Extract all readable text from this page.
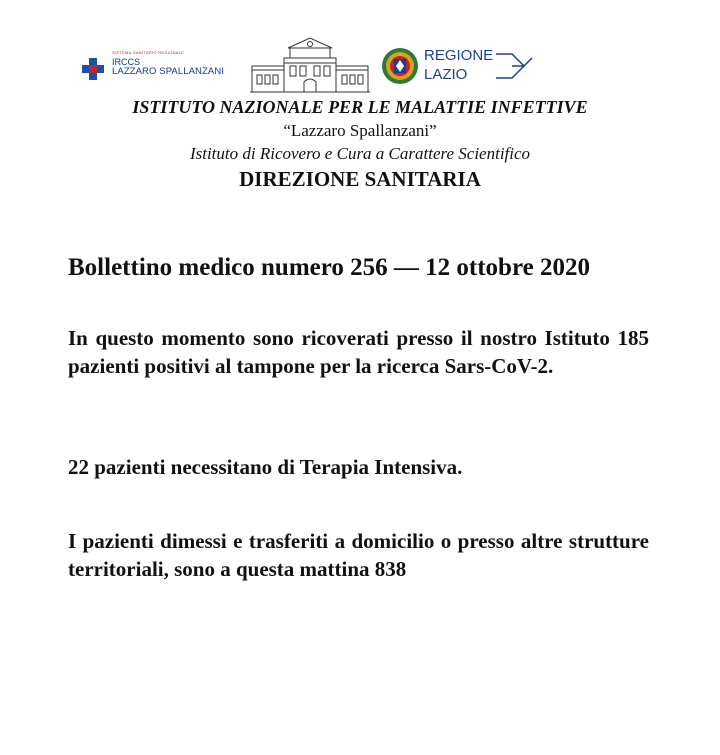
SISTEMA SANITARIO REGIONALE
IRCCS
LAZZARO SPALLANZANI
REGIONE
LAZIO
ISTITUTO NAZIONALE PER LE MALATTIE INFETTIVE
“Lazzaro Spallanzani”
Istituto di Ricovero e Cura a Carattere Scientifico
DIREZIONE SANITARIA

Bollettino medico numero 256 — 12 ottobre 2020

In questo momento sono ricoverati presso il nostro Istituto 185 pazienti positivi al tampone per la ricerca Sars-CoV-2.

22 pazienti necessitano di Terapia Intensiva.

I pazienti dimessi e trasferiti a domicilio o presso altre strutture territoriali, sono a questa mattina 838
